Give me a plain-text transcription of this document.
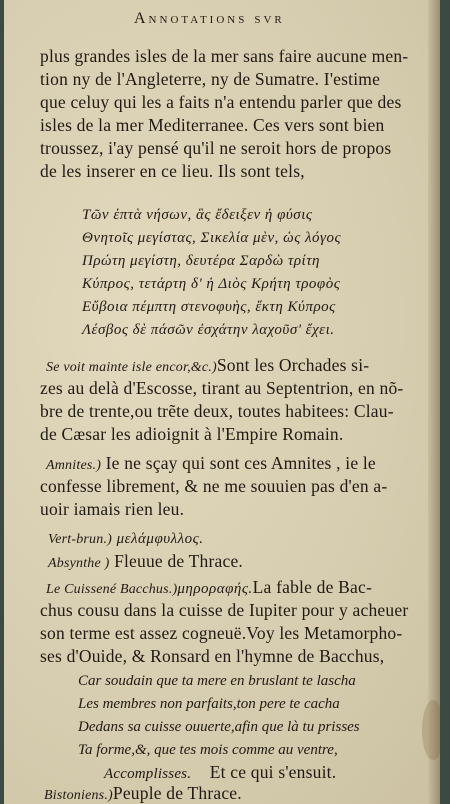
Annotations svr
plus grandes isles de la mer sans faire aucune men-
tion ny de l'Angleterre, ny de Sumatre. I'estime
que celuy qui les a faits n'a entendu parler que des
isles de la mer Mediterranee. Ces vers sont bien
troussez, i'ay pensé qu'il ne seroit hors de propos
de les inserer en ce lieu. Ils sont tels,
Τῶν ἑπτὰ νήσων, ἃς ἔδειξεν ἡ φύσις
Θνητοῖς μεγίστας, Σικελία μὲν, ὡς λόγος
Πρώτη μεγίστη, δευτέρα Σαρδὼ τρίτη
Κύπρος, τετάρτη δ' ἡ Διὸς Κρήτη τροφὸς
Εὔβοια πέμπτη στενοφυὴς, ἕκτη Κύπρος
Λέσβος δὲ πάσῶν ἐσχάτην λαχοῦσ' ἔχει.
Se voit mainte isle encor,&c.)Sont les Orchades si-
zes au delà d'Escosse, tirant au Septentrion, en nõ-
bre de trente,ou trẽte deux, toutes habitees: Clau-
de Cæsar les adioignit à l'Empire Romain.
Amnites.) Ie ne sçay qui sont ces Amnites , ie le
confesse librement, & ne me souuien pas d'en a-
uoir iamais rien leu.
Vert-brun.) μελάμφυλλος.
Absynthe ) Fleuue de Thrace.
Le Cuissené Bacchus.)μηροραφής.La fable de Bac-
chus cousu dans la cuisse de Iupiter pour y acheuer
son terme est assez cogneuë.Voy les Metamorpho-
ses d'Ouide, & Ronsard en l'hymne de Bacchus,
Car soudain que ta mere en bruslant te lascha
Les membres non parfaits,ton pere te cacha
Dedans sa cuisse ouuerte,afin que là tu prisses
Ta forme,&, que tes mois comme au ventre,
Accomplisses. Et ce qui s'ensuit.
Bistoniens.)Peuple de Thrace.
